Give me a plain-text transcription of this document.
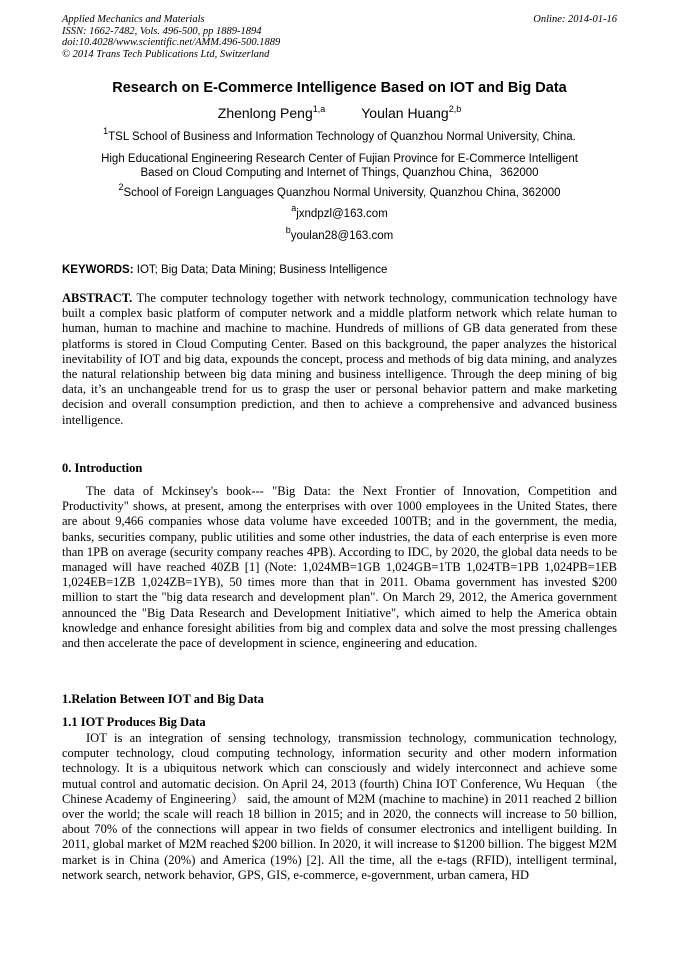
Applied Mechanics and Materials
ISSN: 1662-7482, Vols. 496-500, pp 1889-1894
doi:10.4028/www.scientific.net/AMM.496-500.1889
© 2014 Trans Tech Publications Ltd, Switzerland
Online: 2014-01-16
Research on E-Commerce Intelligence Based on IOT and Big Data
Zhenlong Peng$^{1,a}$	Youlan Huang$^{2,b}$
$^1$TSL School of Business and Information Technology of Quanzhou Normal University, China.
High Educational Engineering Research Center of Fujian Province for E-Commerce Intelligent
Based on Cloud Computing and Internet of Things, Quanzhou China，362000
$^2$School of Foreign Languages Quanzhou Normal University, Quanzhou China, 362000
$^a$jxndpzl@163.com
$^b$youlan28@163.com
KEYWORDS: IOT; Big Data; Data Mining; Business Intelligence
ABSTRACT. The computer technology together with network technology, communication technology have built a complex basic platform of computer network and a middle platform network which relate human to human, human to machine and machine to machine. Hundreds of millions of GB data generated from these platforms is stored in Cloud Computing Center. Based on this background, the paper analyzes the historical inevitability of IOT and big data, expounds the concept, process and methods of big data mining, and analyzes the natural relationship between big data mining and business intelligence. Through the deep mining of big data, it’s an unchangeable trend for us to grasp the user or personal behavior pattern and make marketing decision and overall consumption prediction, and then to achieve a comprehensive and advanced business intelligence.
0. Introduction
The data of Mckinsey's book--- "Big Data: the Next Frontier of Innovation, Competition and Productivity" shows, at present, among the enterprises with over 1000 employees in the United States, there are about 9,466 companies whose data volume have exceeded 100TB; and in the government, the media, banks, securities company, public utilities and some other industries, the data of each enterprise is even more than 1PB on average (security company reaches 4PB). According to IDC, by 2020, the global data needs to be managed will have reached 40ZB [1] (Note: 1,024MB=1GB 1,024GB=1TB 1,024TB=1PB 1,024PB=1EB 1,024EB=1ZB 1,024ZB=1YB), 50 times more than that in 2011. Obama government has invested $200 million to start the "big data research and development plan". On March 29, 2012, the America government announced the "Big Data Research and Development Initiative", which aimed to help the America obtain knowledge and enhance foresight abilities from big and complex data and solve the most pressing challenges and then accelerate the pace of development in science, engineering and education.
1.Relation Between IOT and Big Data
1.1 IOT Produces Big Data
IOT is an integration of sensing technology, transmission technology, communication technology, computer technology, cloud computing technology, information security and other modern information technology. It is a ubiquitous network which can consciously and widely interconnect and achieve some mutual control and automatic decision. On April 24, 2013 (fourth) China IOT Conference, Wu Hequan （the Chinese Academy of Engineering） said, the amount of M2M (machine to machine) in 2011 reached 2 billion over the world; the scale will reach 18 billion in 2015; and in 2020, the connects will increase to 50 billion, about 70% of the connections will appear in two fields of consumer electronics and intelligent building. In 2011, global market of M2M reached $200 billion. In 2020, it will increase to $1200 billion. The biggest M2M market is in China (20%) and America (19%) [2]. All the time, all the e-tags (RFID), intelligent terminal, network search, network behavior, GPS, GIS, e-commerce, e-government, urban camera, HD
